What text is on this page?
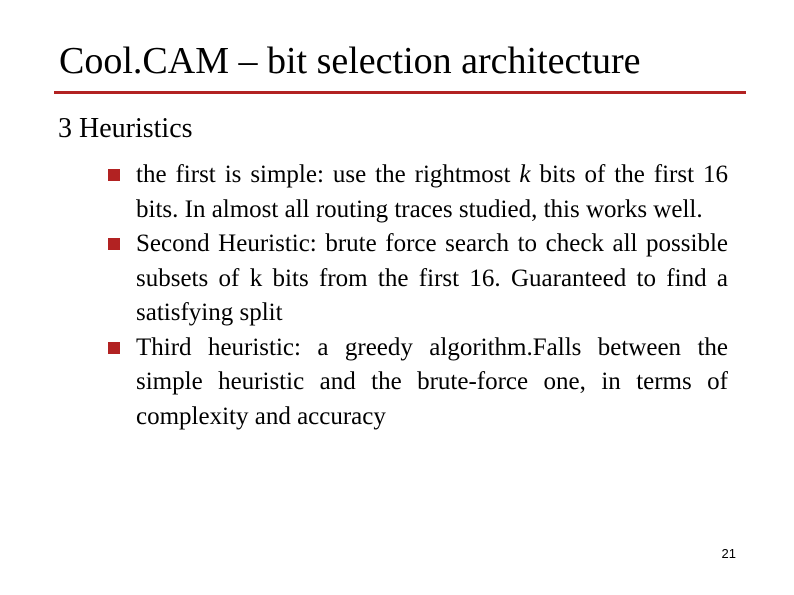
Cool.CAM – bit selection architecture
3 Heuristics
the first is simple: use the rightmost k bits of the first 16 bits. In almost all routing traces studied, this works well.
Second Heuristic: brute force search to check all possible subsets of k bits from the first 16. Guaranteed to find a satisfying split
Third heuristic: a greedy algorithm.Falls between the simple heuristic and the brute-force one, in terms of complexity and accuracy
21
